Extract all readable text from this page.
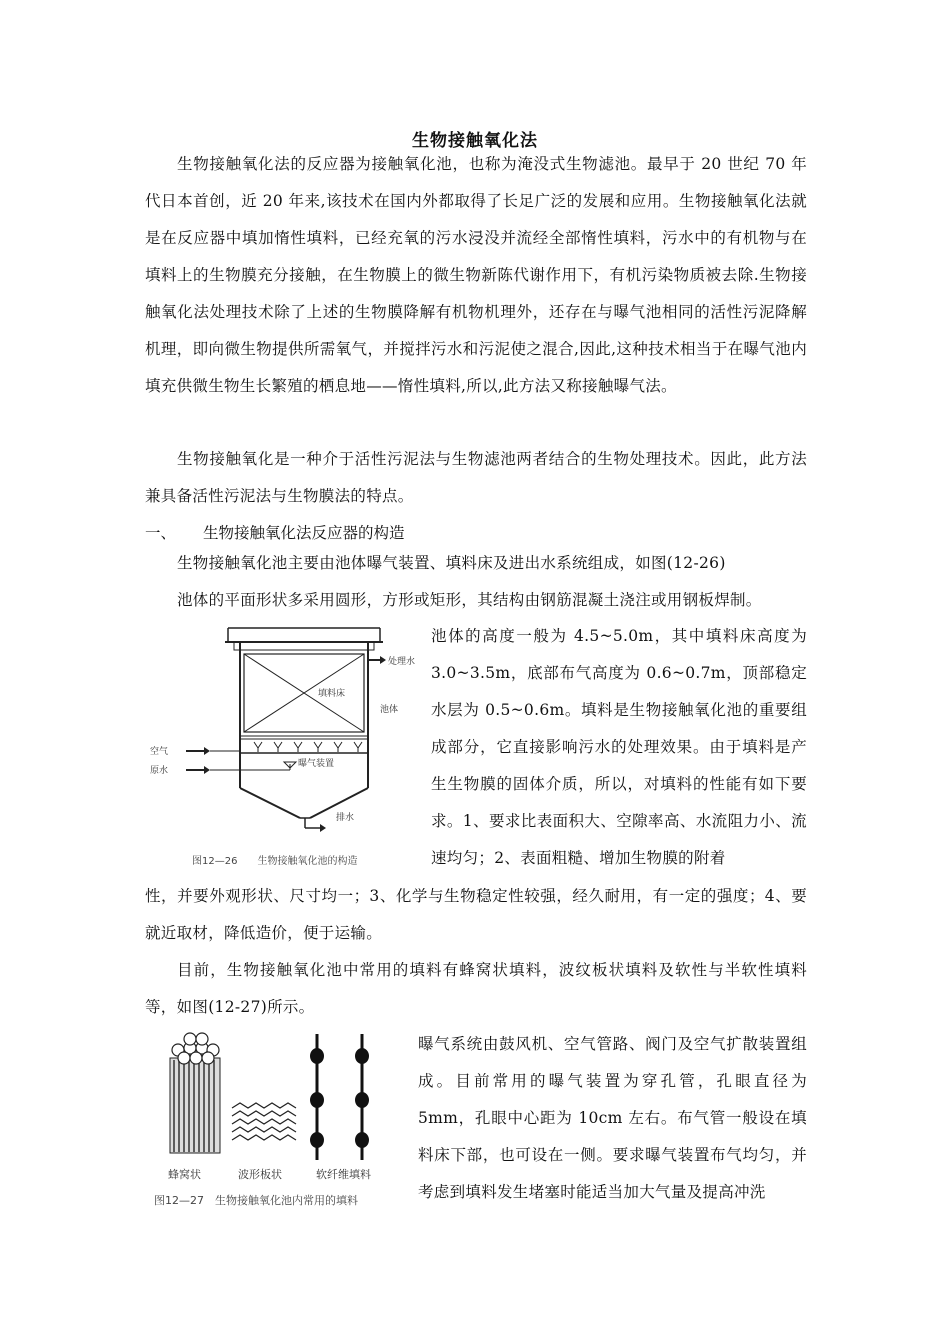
生物接触氧化法

生物接触氧化法的反应器为接触氧化池，也称为淹没式生物滤池。最早于 20 世纪 70 年代日本首创，近 20 年来,该技术在国内外都取得了长足广泛的发展和应用。生物接触氧化法就是在反应器中填加惰性填料，已经充氧的污水浸没并流经全部惰性填料，污水中的有机物与在填料上的生物膜充分接触，在生物膜上的微生物新陈代谢作用下，有机污染物质被去除.生物接触氧化法处理技术除了上述的生物膜降解有机物机理外，还存在与曝气池相同的活性污泥降解机理，即向微生物提供所需氧气，并搅拌污水和污泥使之混合,因此,这种技术相当于在曝气池内填充供微生物生长繁殖的栖息地——惰性填料,所以,此方法又称接触曝气法。

生物接触氧化是一种介于活性污泥法与生物滤池两者结合的生物处理技术。因此，此方法兼具备活性污泥法与生物膜法的特点。

一、 生物接触氧化法反应器的构造

生物接触氧化池主要由池体曝气装置、填料床及进出水系统组成，如图(12-26)

池体的平面形状多采用圆形，方形或矩形，其结构由钢筋混凝土浇注或用钢板焊制。

处理水
填料床
池体
空气
原水
曝气装置
排水
图12—26　　生物接触氧化池的构造

池体的高度一般为 4.5~5.0m，其中填料床高度为 3.0~3.5m，底部布气高度为 0.6~0.7m，顶部稳定水层为 0.5~0.6m。填料是生物接触氧化池的重要组成部分，它直接影响污水的处理效果。由于填料是产生生物膜的固体介质，所以，对填料的性能有如下要求。1、要求比表面积大、空隙率高、水流阻力小、流速均匀；2、表面粗糙、增加生物膜的附着

性，并要外观形状、尺寸均一；3、化学与生物稳定性较强，经久耐用，有一定的强度；4、要就近取材，降低造价，便于运输。

目前，生物接触氧化池中常用的填料有蜂窝状填料，波纹板状填料及软性与半软性填料等，如图(12-27)所示。

蜂窝状	波形板状	软纤维填料
图12—27　生物接触氧化池内常用的填料

曝气系统由鼓风机、空气管路、阀门及空气扩散装置组成。目前常用的曝气装置为穿孔管，孔眼直径为 5mm，孔眼中心距为 10cm 左右。布气管一般设在填料床下部，也可设在一侧。要求曝气装置布气均匀，并考虑到填料发生堵塞时能适当加大气量及提高冲洗
